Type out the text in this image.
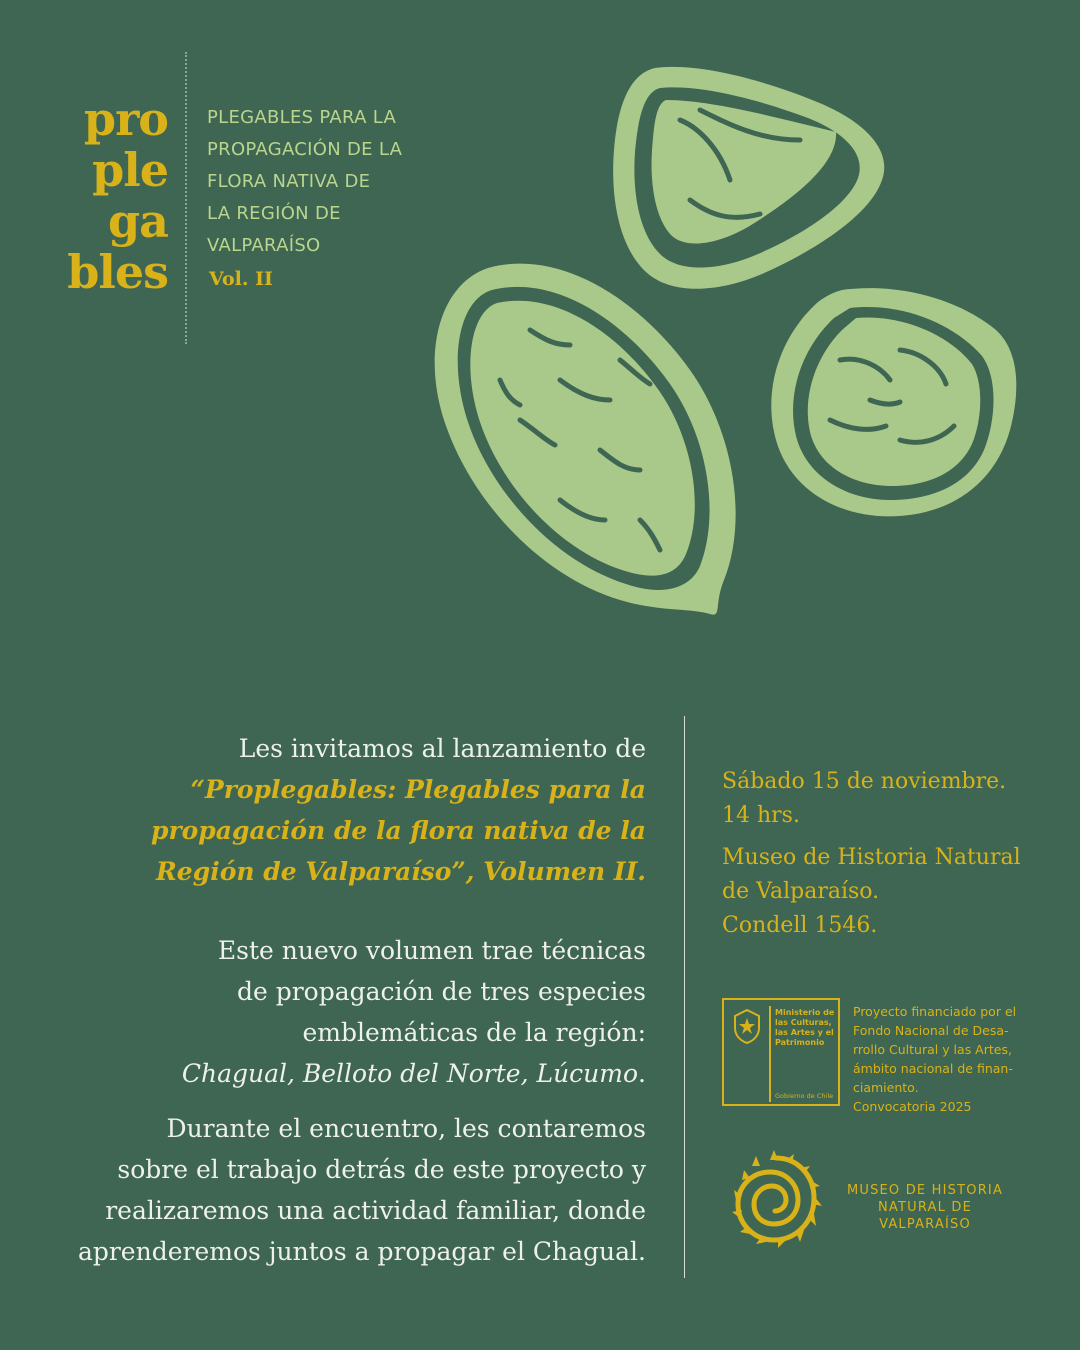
pro
ple
ga
bles
PLEGABLES PARA LA
PROPAGACIÓN DE LA
FLORA NATIVA DE
LA REGIÓN DE
VALPARAÍSO
Vol. II
Les invitamos al lanzamiento de
“Proplegables: Plegables para la
propagación de la flora nativa de la
Región de Valparaíso”, Volumen II.
Este nuevo volumen trae técnicas
de propagación de tres especies
emblemáticas de la región:
Chagual, Belloto del Norte, Lúcumo.
Durante el encuentro, les contaremos
sobre el trabajo detrás de este proyecto y
realizaremos una actividad familiar, donde
aprenderemos juntos a propagar el Chagual.
Sábado 15 de noviembre.
14 hrs.
Museo de Historia Natural
de Valparaíso.
Condell 1546.
Ministerio de
las Culturas,
las Artes y el
Patrimonio
Gobierno de Chile
Proyecto financiado por el
Fondo Nacional de Desa-
rrollo Cultural y las Artes,
ámbito nacional de finan-
ciamiento.
Convocatoria 2025
MUSEO DE HISTORIA
NATURAL DE VALPARAÍSO
